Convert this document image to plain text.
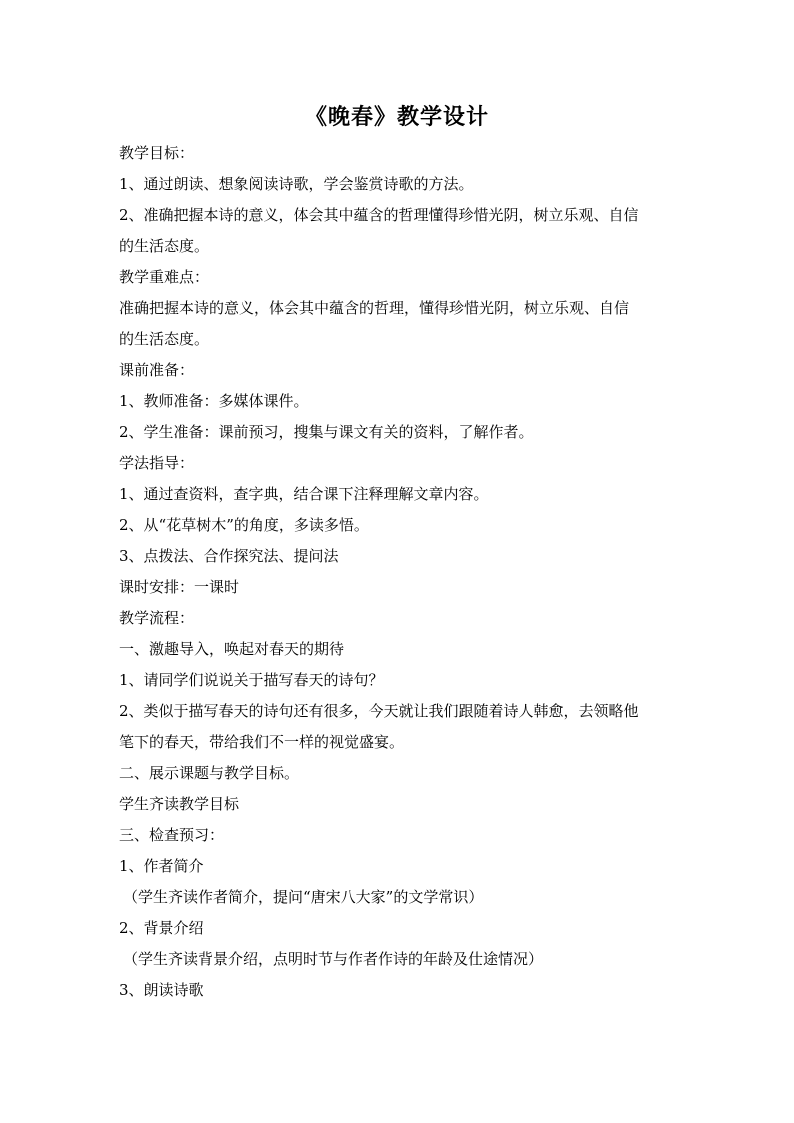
《晚春》教学设计
教学目标：
1、通过朗读、想象阅读诗歌，学会鉴赏诗歌的方法。
2、准确把握本诗的意义，体会其中蕴含的哲理懂得珍惜光阴，树立乐观、自信
的生活态度。
教学重难点：
准确把握本诗的意义，体会其中蕴含的哲理，懂得珍惜光阴，树立乐观、自信
的生活态度。
课前准备：
1、教师准备：多媒体课件。
2、学生准备：课前预习，搜集与课文有关的资料，了解作者。
学法指导：
1、通过查资料，查字典，结合课下注释理解文章内容。
2、从“花草树木”的角度，多读多悟。
3、点拨法、合作探究法、提问法
课时安排：一课时
教学流程：
一、激趣导入，唤起对春天的期待
1、请同学们说说关于描写春天的诗句？
2、类似于描写春天的诗句还有很多，今天就让我们跟随着诗人韩愈，去领略他
笔下的春天，带给我们不一样的视觉盛宴。
二、展示课题与教学目标。
学生齐读教学目标
三、检查预习：
1、作者简介
（学生齐读作者简介，提问“唐宋八大家”的文学常识）
2、背景介绍
（学生齐读背景介绍，点明时节与作者作诗的年龄及仕途情况）
3、朗读诗歌
